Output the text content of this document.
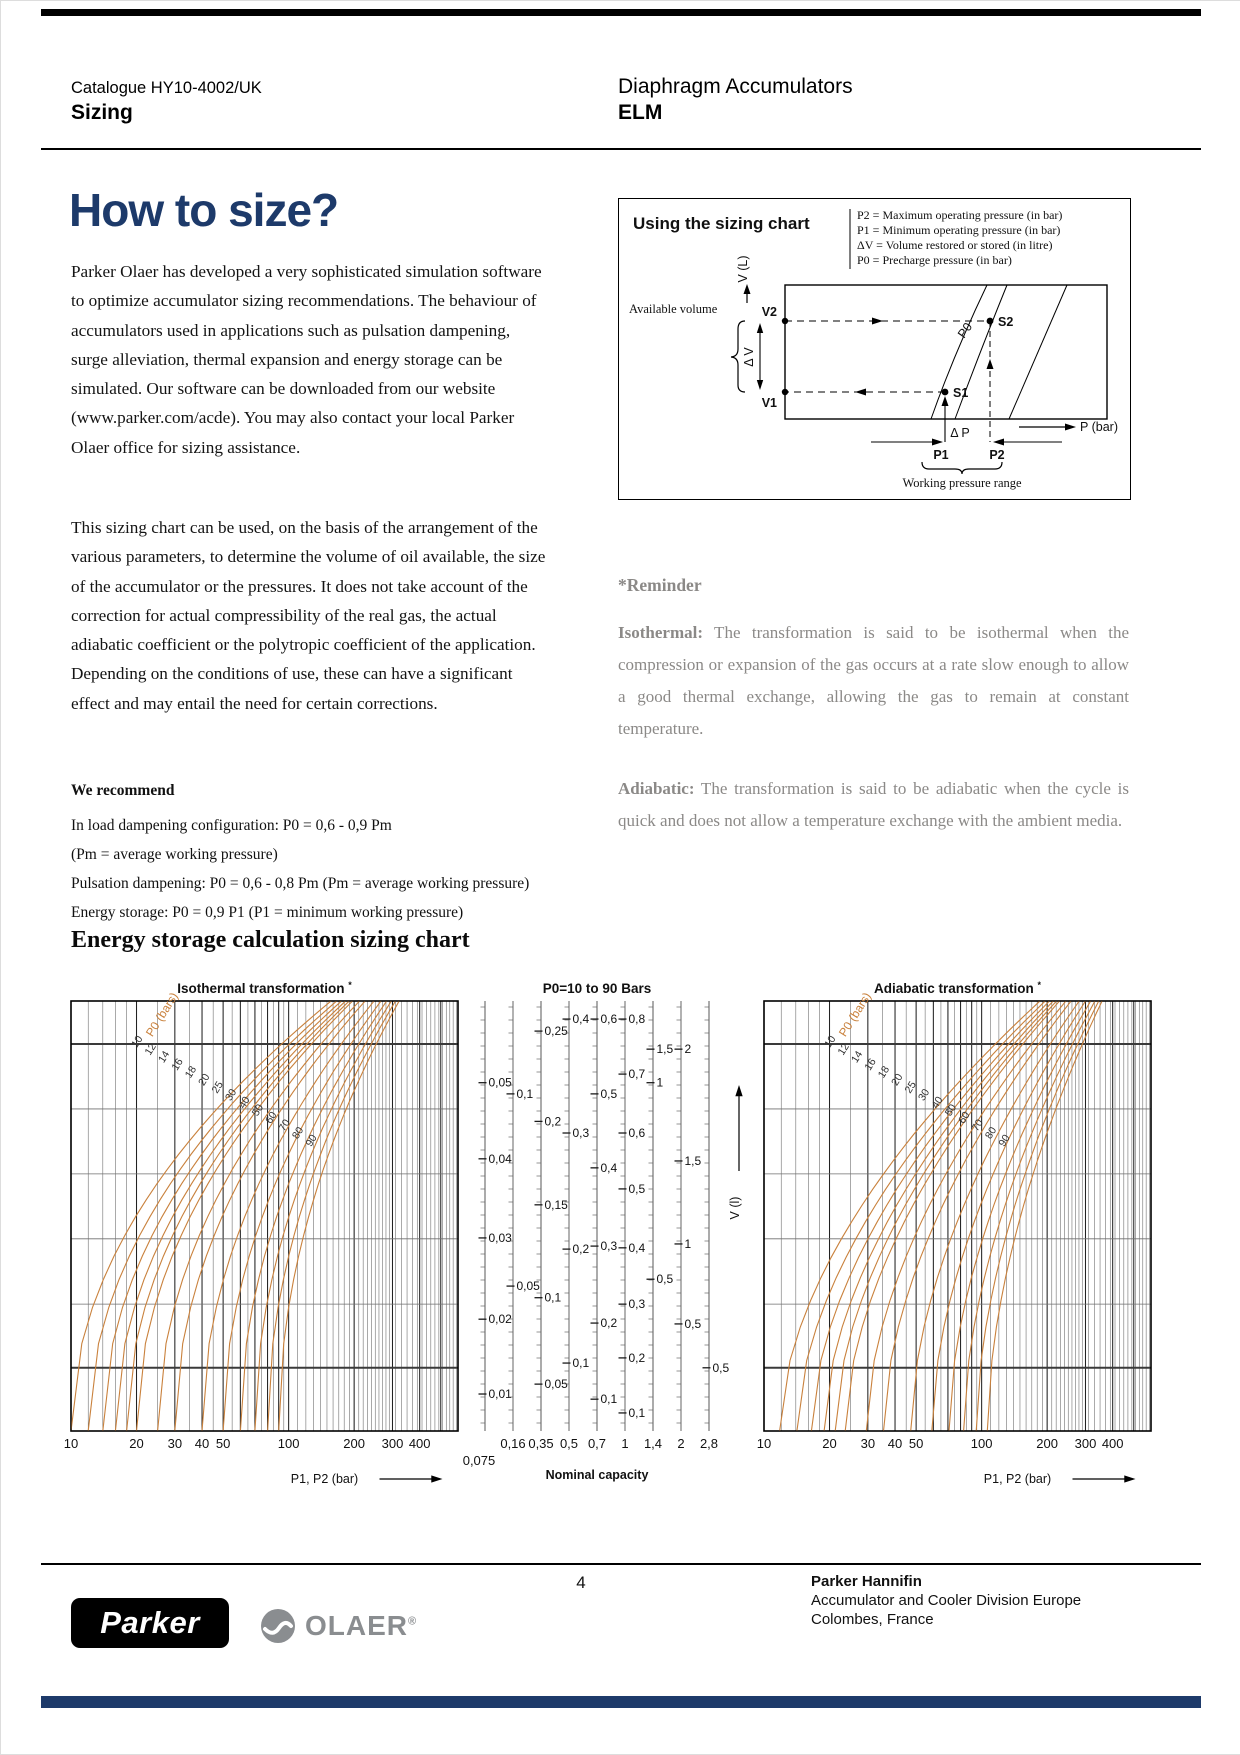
Catalogue HY10-4002/UK
Sizing
Diaphragm Accumulators
ELM
How to size?
Parker Olaer has developed a very sophisticated simulation software to optimize accumulator sizing recommendations. The behaviour of accumulators used in applications such as pulsation dampening, surge alleviation, thermal expansion and energy storage can be simulated. Our software can be downloaded from our website (www.parker.com/acde). You may also contact your local Parker Olaer office for sizing assistance.
This sizing chart can be used, on the basis of the arrangement of the various parameters, to determine the volume of oil available, the size of the accumulator or the pressures. It does not take account of the correction for actual compressibility of the real gas, the actual adiabatic coefficient or the polytropic coefficient of the application. Depending on the conditions of use, these can have a significant effect and may entail the need for certain corrections.
We recommend
In load dampening configuration: P0 = 0,6 - 0,9 Pm
(Pm = average working pressure)
Pulsation dampening: P0 = 0,6 - 0,8 Pm (Pm = average working pressure)
Energy storage: P0 = 0,9 P1 (P1 = minimum working pressure)
Using the sizing chart	P2 = Maximum operating pressure (in bar)
P1 = Minimum operating pressure (in bar)
ΔV = Volume restored or stored (in litre)
P0 = Precharge pressure (in bar)
V (L)
P0 S2
S1
V2
V1
Available volume
Δ V
P (bar)
Δ P
P1	P2
Working pressure range
*Reminder
Isothermal: The transformation is said to be isothermal when the compression or expansion of the gas occurs at a rate slow enough to allow a good thermal exchange, allowing the gas to remain at constant temperature.
Adiabatic: The transformation is said to be adiabatic when the cycle is quick and does not allow a temperature exchange with the ambient media.
Energy storage calculation sizing chart
10
12
14
16
18
20
25
30
40
50
60
70
80
90
P0 (bars)
Isothermal transformation *
10	20 30 40 50	100	200 300 400
P1, P2 (bar)
10
12
14
16
18
20
25
30
40
50
60
70
80
90
P0 (bars)
Adiabatic transformation *
10	20 30 40 50	100	200 300 400
P1, P2 (bar)
0,05
0,04
0,03
0,02
0,01
0,075
0,1
0,05
0,16
0,25
0,2
0,15
0,1
0,05
0,35
0,4
0,3
0,2
0,1
0,5
0,6
0,5
0,4
0,3
0,2
0,1
0,7
0,8
0,7
0,6
0,5
0,4
0,3
0,2
0,1
1
1,5
1
0,5
1,4
2
1,5
1
0,5
2
0,5
2,8
P0=10 to 90 Bars
V (l)
Nominal capacity
4	Parker Hannifin
Accumulator and Cooler Division Europe
Colombes, France
Parker	OLAER®
